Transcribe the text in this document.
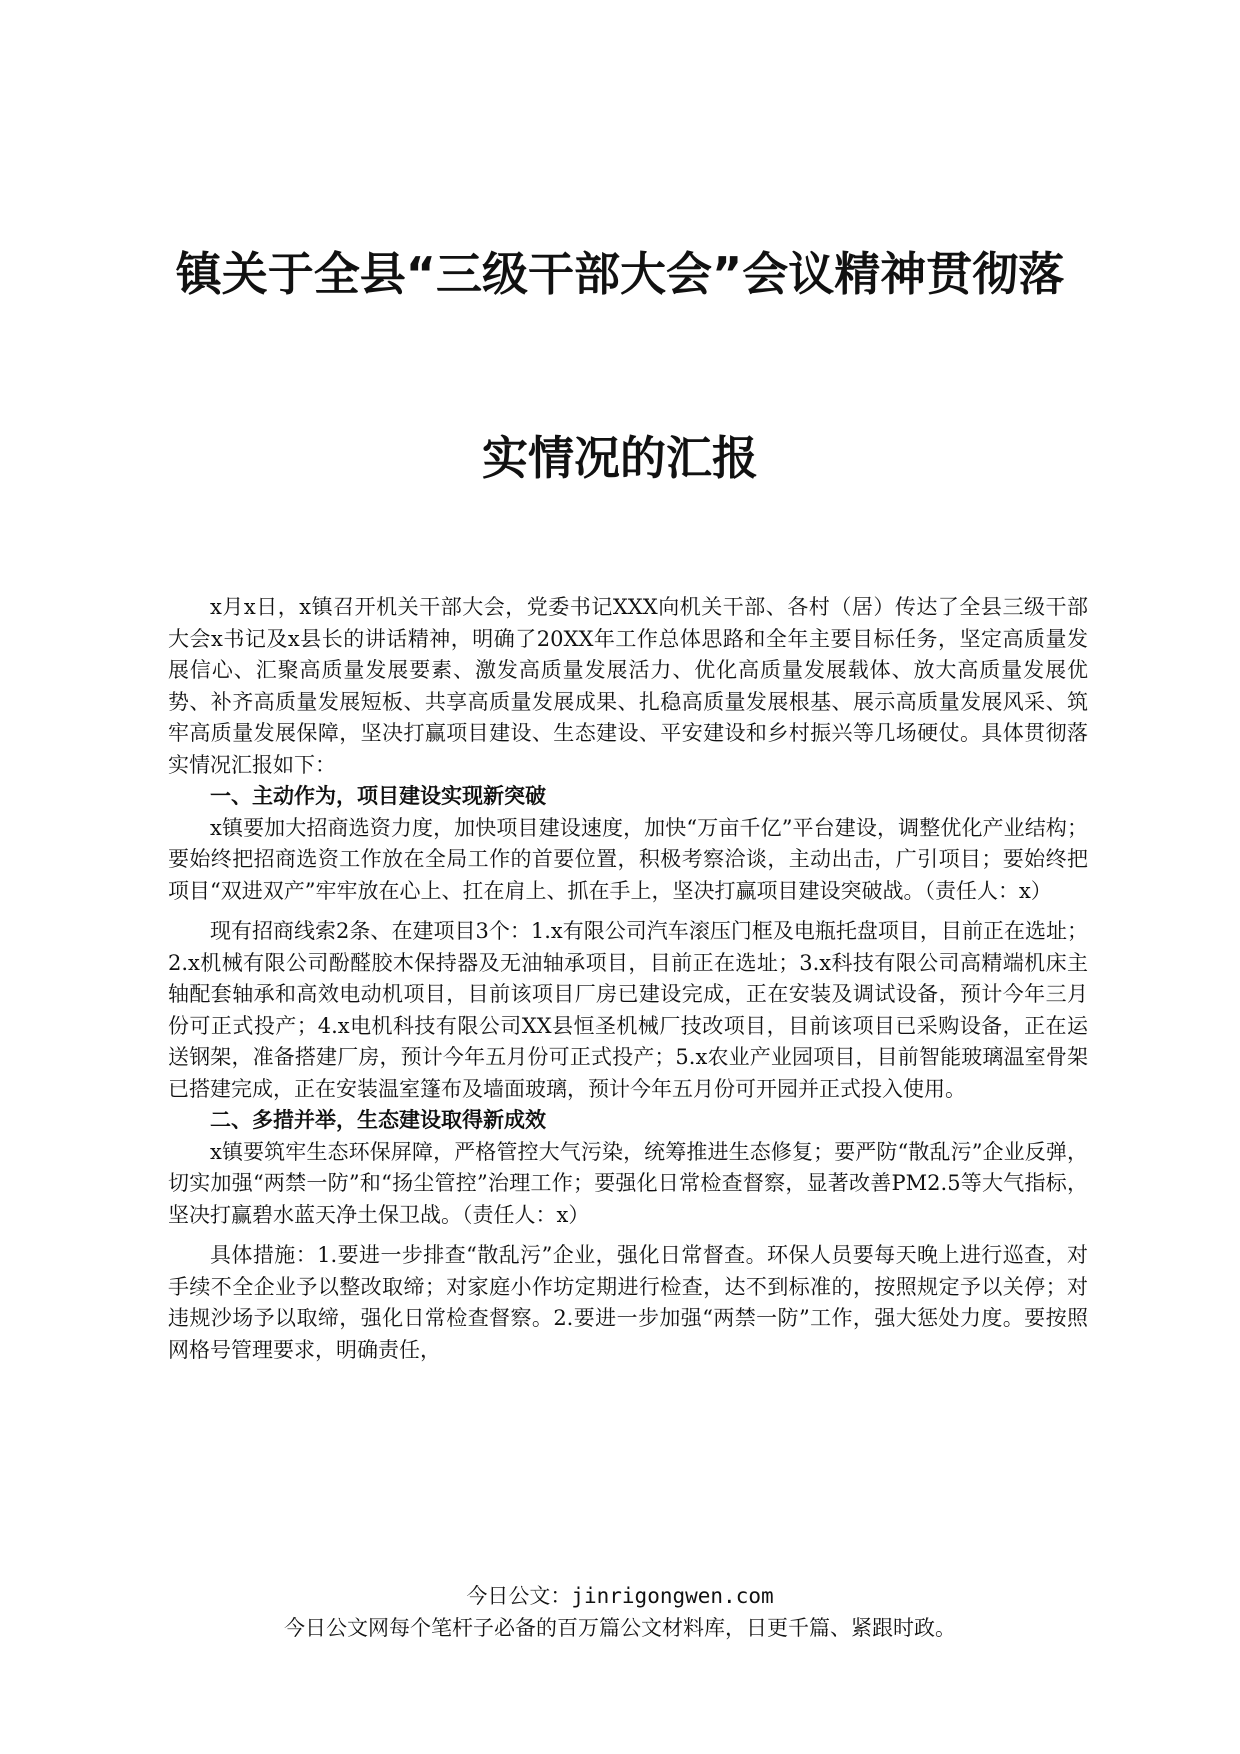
镇关于全县“三级干部大会”会议精神贯彻落
实情况的汇报

x月x日，x镇召开机关干部大会，党委书记XXX向机关干部、各村（居）传达了全县三级干部大会x书记及x县长的讲话精神，明确了20XX年工作总体思路和全年主要目标任务，坚定高质量发展信心、汇聚高质量发展要素、激发高质量发展活力、优化高质量发展载体、放大高质量发展优势、补齐高质量发展短板、共享高质量发展成果、扎稳高质量发展根基、展示高质量发展风采、筑牢高质量发展保障，坚决打赢项目建设、生态建设、平安建设和乡村振兴等几场硬仗。具体贯彻落实情况汇报如下：

一、主动作为，项目建设实现新突破

x镇要加大招商选资力度，加快项目建设速度，加快“万亩千亿”平台建设，调整优化产业结构；要始终把招商选资工作放在全局工作的首要位置，积极考察洽谈，主动出击，广引项目；要始终把项目“双进双产”牢牢放在心上、扛在肩上、抓在手上，坚决打赢项目建设突破战。（责任人：x）

现有招商线索2条、在建项目3个：1.x有限公司汽车滚压门框及电瓶托盘项目，目前正在选址；2.x机械有限公司酚醛胶木保持器及无油轴承项目，目前正在选址；3.x科技有限公司高精端机床主轴配套轴承和高效电动机项目，目前该项目厂房已建设完成，正在安装及调试设备，预计今年三月份可正式投产；4.x电机科技有限公司XX县恒圣机械厂技改项目，目前该项目已采购设备，正在运送钢架，准备搭建厂房，预计今年五月份可正式投产；5.x农业产业园项目，目前智能玻璃温室骨架已搭建完成，正在安装温室篷布及墙面玻璃，预计今年五月份可开园并正式投入使用。

二、多措并举，生态建设取得新成效

x镇要筑牢生态环保屏障，严格管控大气污染，统筹推进生态修复；要严防“散乱污”企业反弹，切实加强“两禁一防”和“扬尘管控”治理工作；要强化日常检查督察，显著改善PM2.5等大气指标，坚决打赢碧水蓝天净土保卫战。（责任人：x）

具体措施：1.要进一步排查“散乱污”企业，强化日常督查。环保人员要每天晚上进行巡查，对手续不全企业予以整改取缔；对家庭小作坊定期进行检查，达不到标准的，按照规定予以关停；对违规沙场予以取缔，强化日常检查督察。2.要进一步加强“两禁一防”工作，强大惩处力度。要按照网格号管理要求，明确责任，

今日公文：jinrigongwen.com
今日公文网每个笔杆子必备的百万篇公文材料库，日更千篇、紧跟时政。
